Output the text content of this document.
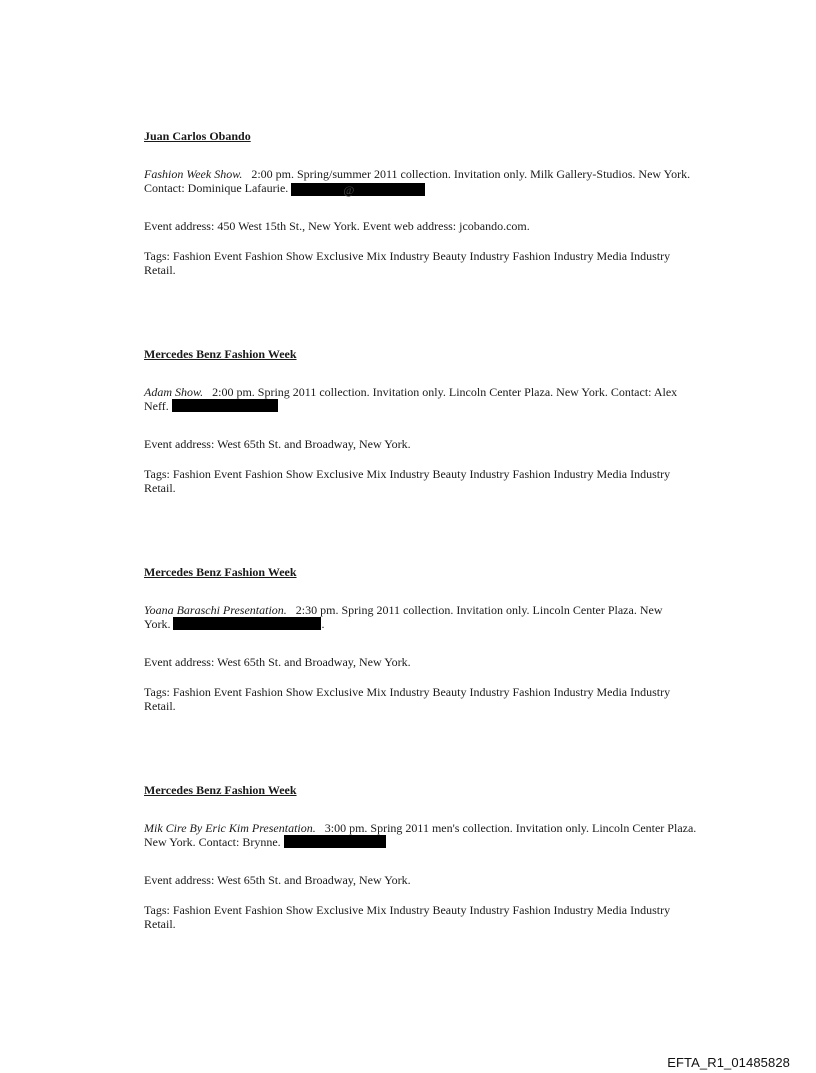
Juan Carlos Obando

Fashion Week Show. 2:00 pm. Spring/summer 2011 collection. Invitation only. Milk Gallery-Studios. New York. Contact: Dominique Lafaurie.	@

Event address: 450 West 15th St., New York. Event web address: jcobando.com.

Tags: Fashion Event Fashion Show Exclusive Mix Industry Beauty Industry Fashion Industry Media Industry Retail.

Mercedes Benz Fashion Week

Adam Show. 2:00 pm. Spring 2011 collection. Invitation only. Lincoln Center Plaza. New York. Contact: Alex Neff.

Event address: West 65th St. and Broadway, New York.

Tags: Fashion Event Fashion Show Exclusive Mix Industry Beauty Industry Fashion Industry Media Industry Retail.

Mercedes Benz Fashion Week

Yoana Baraschi Presentation. 2:30 pm. Spring 2011 collection. Invitation only. Lincoln Center Plaza. New York.	.

Event address: West 65th St. and Broadway, New York.

Tags: Fashion Event Fashion Show Exclusive Mix Industry Beauty Industry Fashion Industry Media Industry Retail.

Mercedes Benz Fashion Week

Mik Cire By Eric Kim Presentation. 3:00 pm. Spring 2011 men's collection. Invitation only. Lincoln Center Plaza. New York. Contact: Brynne.

Event address: West 65th St. and Broadway, New York.

Tags: Fashion Event Fashion Show Exclusive Mix Industry Beauty Industry Fashion Industry Media Industry Retail.

EFTA_R1_01485828
